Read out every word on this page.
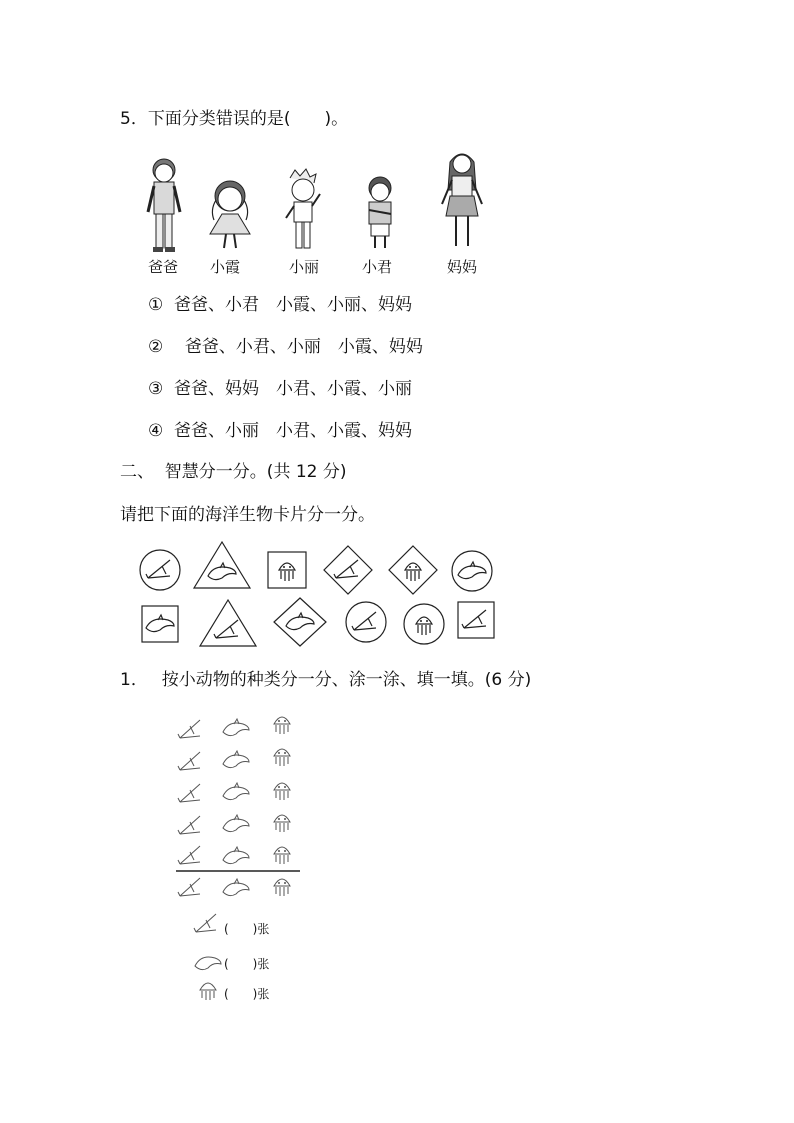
5．下面分类错误的是(　　)。
爸爸 小霞	小丽	小君	妈妈
①  爸爸、小君　小霞、小丽、妈妈
②    爸爸、小君、小丽　小霞、妈妈
③  爸爸、妈妈　小君、小霞、小丽
④  爸爸、小丽　小君、小霞、妈妈
二、  智慧分一分。(共 12 分)
请把下面的海洋生物卡片分一分。
1．　 按小动物的种类分一分、涂一涂、填一填。(6 分)
(　　)张
(　　)张
(　　)张
